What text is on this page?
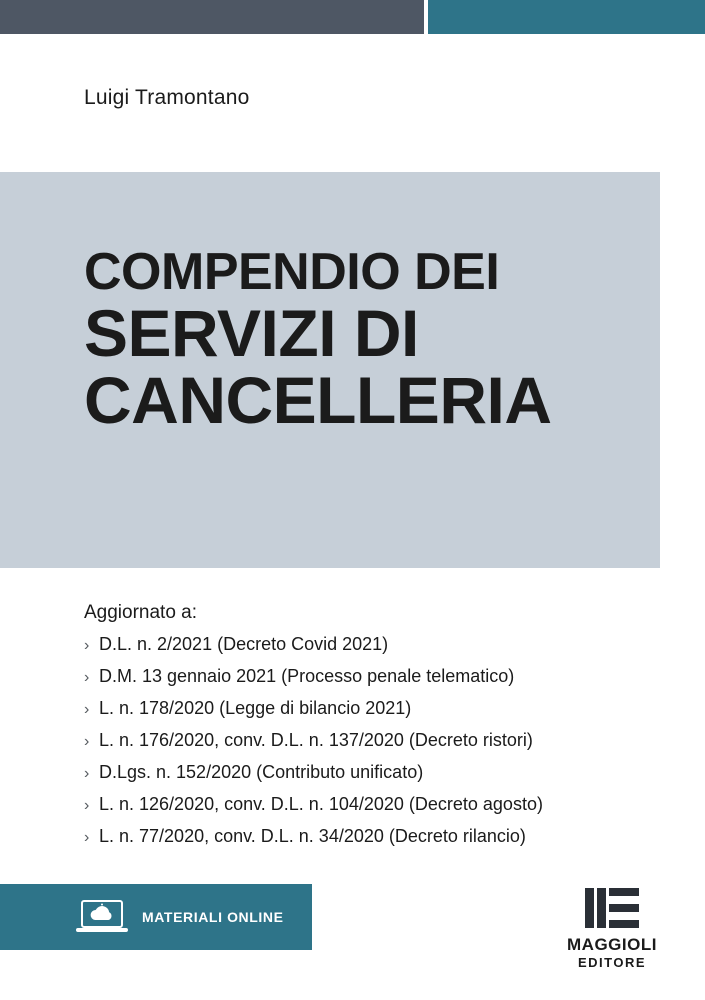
Luigi Tramontano
COMPENDIO DEI
SERVIZI DI
CANCELLERIA
Aggiornato a:
› D.L. n. 2/2021 (Decreto Covid 2021)
› D.M. 13 gennaio 2021 (Processo penale telematico)
› L. n. 178/2020 (Legge di bilancio 2021)
› L. n. 176/2020, conv. D.L. n. 137/2020 (Decreto ristori)
› D.Lgs. n. 152/2020 (Contributo unificato)
› L. n. 126/2020, conv. D.L. n. 104/2020 (Decreto agosto)
› L. n. 77/2020, conv. D.L. n. 34/2020 (Decreto rilancio)
MATERIALI ONLINE
MAGGIOLI
EDITORE
